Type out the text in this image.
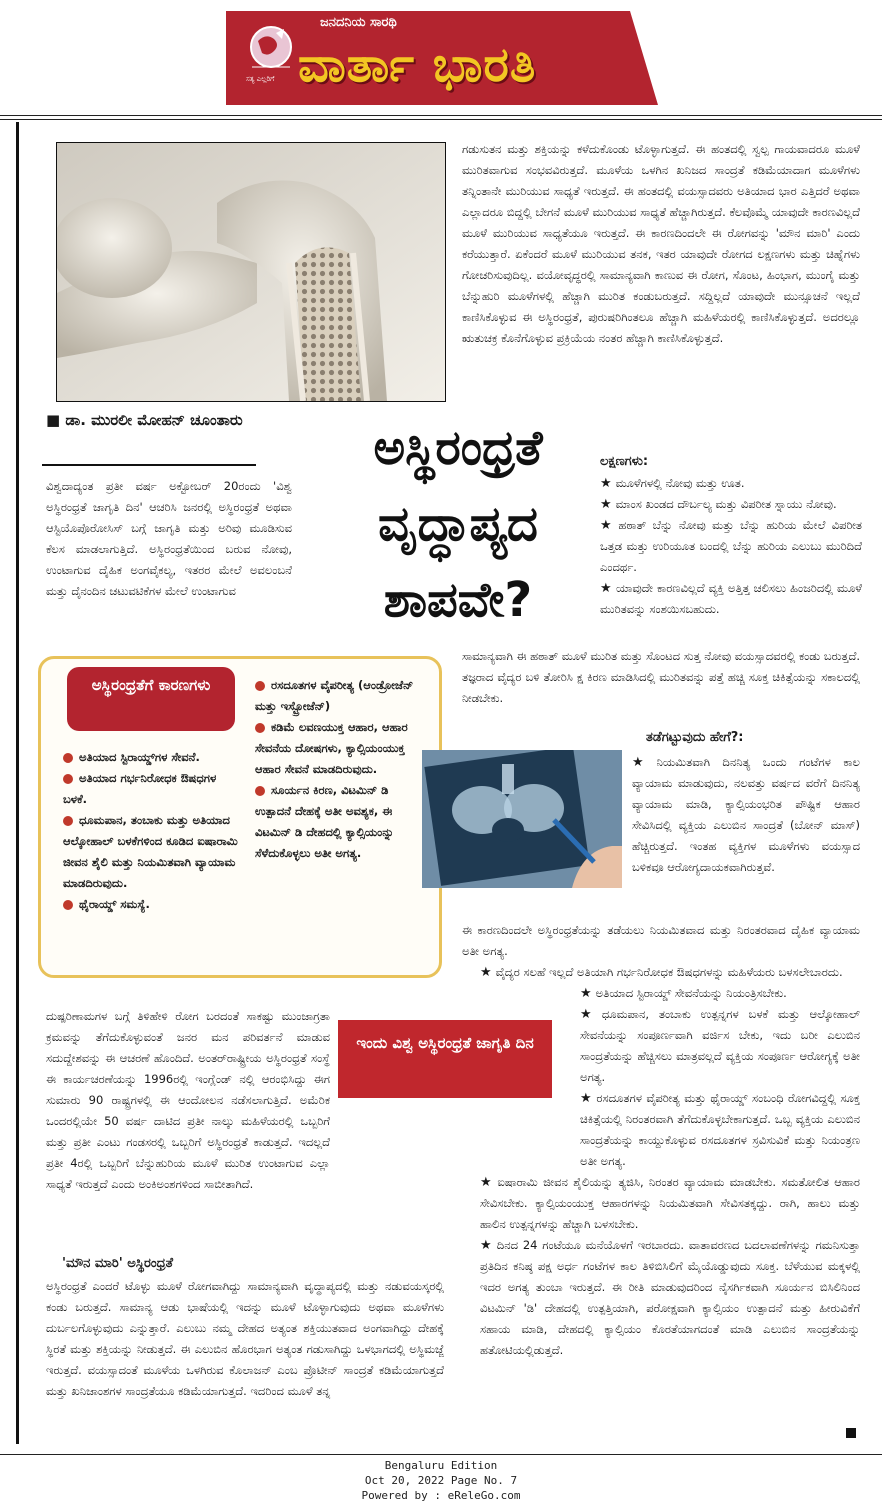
ಜನದನಿಯ ಸಾರಥಿ
ವಾರ್ತಾ ಭಾರತಿ
ಸತ್ಯ ಎಲ್ಲರಿಗೆ
■ ಡಾ. ಮುರಲೀ ಮೋಹನ್ ಚೂಂತಾರು	ಅಸ್ಥಿರಂಧ್ರತೆ
ವೃದ್ಧಾಪ್ಯದ
ಶಾಪವೇ?

ವಿಶ್ವದಾದ್ಯಂತ ಪ್ರತೀ ವರ್ಷ ಅಕ್ಟೋಬರ್ 20ರಂದು 'ವಿಶ್ವ ಅಸ್ಥಿರಂಧ್ರತೆ ಜಾಗೃತಿ ದಿನ' ಆಚರಿಸಿ ಜನರಲ್ಲಿ ಅಸ್ಥಿರಂಧ್ರತೆ ಅಥವಾ ಆಸ್ಟಿಯೊಪೊರೋಸಿಸ್ ಬಗ್ಗೆ ಜಾಗೃತಿ ಮತ್ತು ಅರಿವು ಮೂಡಿಸುವ ಕೆಲಸ ಮಾಡಲಾಗುತ್ತಿದೆ. ಅಸ್ಥಿರಂಧ್ರತೆಯಿಂದ ಬರುವ ನೋವು, ಉಂಟಾಗುವ ದೈಹಿಕ ಅಂಗವೈಕಲ್ಯ, ಇತರರ ಮೇಲೆ ಅವಲಂಬನೆ ಮತ್ತು ದೈನಂದಿನ ಚಟುವಟಿಕೆಗಳ ಮೇಲೆ ಉಂಟಾಗುವ

ಅಸ್ಥಿರಂಧ್ರತೆಗೆ ಕಾರಣಗಳು

ಅತಿಯಾದ ಸ್ಟಿರಾಯ್ಡ್‌ಗಳ ಸೇವನೆ.

ಅತಿಯಾದ ಗರ್ಭನಿರೋಧಕ ಔಷಧಗಳ ಬಳಕೆ.

ಧೂಮಪಾನ, ತಂಬಾಕು ಮತ್ತು ಅತಿಯಾದ ಆಲ್ಕೋಹಾಲ್ ಬಳಕೆಗಳಿಂದ ಕೂಡಿದ ಐಷಾರಾಮಿ ಜೀವನ ಶೈಲಿ ಮತ್ತು ನಿಯಮಿತವಾಗಿ ವ್ಯಾಯಾಮ ಮಾಡದಿರುವುದು.

ಥೈರಾಯ್ಡ್ ಸಮಸ್ಯೆ.

ರಸದೂತಗಳ ವೈಪರೀತ್ಯ (ಆಂಡ್ರೋಜೆನ್ ಮತ್ತು ಇಸ್ಟ್ರೋಜೆನ್)

ಕಡಿಮೆ ಲವಣಯುಕ್ತ ಆಹಾರ, ಆಹಾರ ಸೇವನೆಯ ದೋಷಗಳು, ಕ್ಯಾಲ್ಸಿಯಂಯುಕ್ತ ಆಹಾರ ಸೇವನೆ ಮಾಡದಿರುವುದು.

ಸೂರ್ಯನ ಕಿರಣ, ವಿಟಮಿನ್ ಡಿ ಉತ್ಪಾದನೆ ದೇಹಕ್ಕೆ ಅತೀ ಅವಶ್ಯಕ, ಈ ವಿಟಮಿನ್ ಡಿ ದೇಹದಲ್ಲಿ ಕ್ಯಾಲ್ಸಿಯಂನ್ನು ಸೆಳೆದುಕೊಳ್ಳಲು ಅತೀ ಅಗತ್ಯ.

ದುಷ್ಪರಿಣಾಮಗಳ ಬಗ್ಗೆ ತಿಳಿಹೇಳಿ ರೋಗ ಬರದಂತೆ ಸಾಕಷ್ಟು ಮುಂಜಾಗ್ರತಾ ಕ್ರಮವನ್ನು ತೆಗೆದುಕೊಳ್ಳುವಂತೆ ಜನರ ಮನ ಪರಿವರ್ತನೆ ಮಾಡುವ ಸದುದ್ದೇಶವನ್ನು ಈ ಆಚರಣೆ ಹೊಂದಿದೆ. ಅಂತರ್‌ರಾಷ್ಟ್ರೀಯ ಅಸ್ಥಿರಂಧ್ರತೆ ಸಂಸ್ಥೆ ಈ ಕಾರ್ಯಚರಣೆಯನ್ನು 1996ರಲ್ಲಿ ಇಂಗ್ಲೆಂಡ್ ನಲ್ಲಿ ಆರಂಭಿಸಿದ್ದು ಈಗ ಸುಮಾರು 90 ರಾಷ್ಟ್ರಗಳಲ್ಲಿ ಈ ಆಂದೋಲನ ನಡೆಸಲಾಗುತ್ತಿದೆ. ಅಮೆರಿಕ ಒಂದರಲ್ಲಿಯೇ 50 ವರ್ಷ ದಾಟಿದ ಪ್ರತೀ ನಾಲ್ಕು ಮಹಿಳೆಯರಲ್ಲಿ ಒಬ್ಬರಿಗೆ ಮತ್ತು ಪ್ರತೀ ಎಂಟು ಗಂಡಸರಲ್ಲಿ ಒಬ್ಬರಿಗೆ ಅಸ್ಥಿರಂಧ್ರತೆ ಕಾಡುತ್ತದೆ. ಇದಲ್ಲದೆ ಪ್ರತೀ 4ರಲ್ಲಿ ಒಬ್ಬರಿಗೆ ಬೆನ್ನುಹುರಿಯ ಮೂಳೆ ಮುರಿತ ಉಂಟಾಗುವ ಎಲ್ಲಾ ಸಾಧ್ಯತೆ ಇರುತ್ತದೆ ಎಂದು ಅಂಕಿಅಂಶಗಳಿಂದ ಸಾಬೀತಾಗಿದೆ.

'ಮೌನ ಮಾರಿ' ಅಸ್ಥಿರಂಧ್ರತೆ

ಅಸ್ಥಿರಂಧ್ರತೆ ಎಂದರೆ ಟೊಳ್ಳು ಮೂಳೆ ರೋಗವಾಗಿದ್ದು ಸಾಮಾನ್ಯವಾಗಿ ವೃದ್ಧಾಪ್ಯದಲ್ಲಿ ಮತ್ತು ನಡುವಯಸ್ಕರಲ್ಲಿ ಕಂಡು ಬರುತ್ತದೆ. ಸಾಮಾನ್ಯ ಆಡು ಭಾಷೆಯಲ್ಲಿ ಇದನ್ನು ಮೂಳೆ ಟೊಳ್ಳಾಗುವುದು ಅಥವಾ ಮೂಳೆಗಳು ದುರ್ಬಲಗೊಳ್ಳುವುದು ಎನ್ನುತ್ತಾರೆ. ಎಲುಬು ನಮ್ಮ ದೇಹದ ಅತ್ಯಂತ ಶಕ್ತಿಯುತವಾದ ಅಂಗವಾಗಿದ್ದು ದೇಹಕ್ಕೆ ಸ್ಥಿರತೆ ಮತ್ತು ಶಕ್ತಿಯನ್ನು ನೀಡುತ್ತದೆ. ಈ ಎಲುಬಿನ ಹೊರಭಾಗ ಅತ್ಯಂತ ಗಡುಸಾಗಿದ್ದು ಒಳಭಾಗದಲ್ಲಿ ಅಸ್ಥಿಮಜ್ಜೆ ಇರುತ್ತದೆ. ವಯಸ್ಸಾದಂತೆ ಮೂಳೆಯ ಒಳಗಿರುವ ಕೊಲಾಜನ್ ಎಂಬ ಪ್ರೊಟೀನ್ ಸಾಂದ್ರತೆ ಕಡಿಮೆಯಾಗುತ್ತದೆ ಮತ್ತು ಖನಿಜಾಂಶಗಳ ಸಾಂದ್ರತೆಯೂ ಕಡಿಮೆಯಾಗುತ್ತದೆ. ಇದರಿಂದ ಮೂಳೆ ತನ್ನ

ಇಂದು ವಿಶ್ವ ಅಸ್ಥಿರಂಧ್ರತೆ ಜಾಗೃತಿ ದಿನ

ಗಡುಸುತನ ಮತ್ತು ಶಕ್ತಿಯನ್ನು ಕಳೆದುಕೊಂಡು ಟೊಳ್ಳಾಗುತ್ತದೆ. ಈ ಹಂತದಲ್ಲಿ ಸ್ವಲ್ಪ ಗಾಯವಾದರೂ ಮೂಳೆ ಮುರಿತವಾಗುವ ಸಂಭವವಿರುತ್ತದೆ. ಮೂಳೆಯ ಒಳಗಿನ ಖನಿಜದ ಸಾಂದ್ರತೆ ಕಡಿಮೆಯಾದಾಗ ಮೂಳೆಗಳು ತನ್ನಿಂತಾನೇ ಮುರಿಯುವ ಸಾಧ್ಯತೆ ಇರುತ್ತದೆ. ಈ ಹಂತದಲ್ಲಿ ವಯಸ್ಸಾದವರು ಅತಿಯಾದ ಭಾರ ಎತ್ತಿದರೆ ಅಥವಾ ಎಲ್ಲಾದರೂ ಬಿದ್ದಲ್ಲಿ ಬೇಗನೆ ಮೂಳೆ ಮುರಿಯುವ ಸಾಧ್ಯತೆ ಹೆಚ್ಚಾಗಿರುತ್ತದೆ. ಕೆಲವೊಮ್ಮೆ ಯಾವುದೇ ಕಾರಣವಿಲ್ಲದೆ ಮೂಳೆ ಮುರಿಯುವ ಸಾಧ್ಯತೆಯೂ ಇರುತ್ತದೆ. ಈ ಕಾರಣದಿಂದಲೇ ಈ ರೋಗವನ್ನು 'ಮೌನ ಮಾರಿ' ಎಂದು ಕರೆಯುತ್ತಾರೆ. ಏಕೆಂದರೆ ಮೂಳೆ ಮುರಿಯುವ ತನಕ, ಇತರ ಯಾವುದೇ ರೋಗದ ಲಕ್ಷಣಗಳು ಮತ್ತು ಚಿಹ್ನೆಗಳು ಗೋಚರಿಸುವುದಿಲ್ಲ. ವಯೋವೃದ್ಧರಲ್ಲಿ ಸಾಮಾನ್ಯವಾಗಿ ಕಾಣುವ ಈ ರೋಗ, ಸೊಂಟ, ಹಿಂಭಾಗ, ಮುಂಗೈ ಮತ್ತು ಬೆನ್ನುಹುರಿ ಮೂಳೆಗಳಲ್ಲಿ ಹೆಚ್ಚಾಗಿ ಮುರಿತ ಕಂಡುಬರುತ್ತದೆ. ಸದ್ದಿಲ್ಲದೆ ಯಾವುದೇ ಮುನ್ಸೂಚನೆ ಇಲ್ಲದೆ ಕಾಣಿಸಿಕೊಳ್ಳುವ ಈ ಅಸ್ಥಿರಂಧ್ರತೆ, ಪುರುಷರಿಗಿಂತಲೂ ಹೆಚ್ಚಾಗಿ ಮಹಿಳೆಯರಲ್ಲಿ ಕಾಣಿಸಿಕೊಳ್ಳುತ್ತದೆ. ಅದರಲ್ಲೂ ಋತುಚಕ್ರ ಕೊನೆಗೊಳ್ಳುವ ಪ್ರಕ್ರಿಯೆಯ ನಂತರ ಹೆಚ್ಚಾಗಿ ಕಾಣಿಸಿಕೊಳ್ಳುತ್ತದೆ.

ಲಕ್ಷಣಗಳು:

★ ಮೂಳೆಗಳಲ್ಲಿ ನೋವು ಮತ್ತು ಊತ.

★ ಮಾಂಸ ಖಂಡದ ದೌರ್ಬಲ್ಯ ಮತ್ತು ವಿಪರೀತ ಸ್ನಾಯು ನೋವು.

★ ಹಠಾತ್ ಬೆನ್ನು ನೋವು ಮತ್ತು ಬೆನ್ನು ಹುರಿಯ ಮೇಲೆ ವಿಪರೀತ ಒತ್ತಡ ಮತ್ತು ಉರಿಯೂತ ಬಂದಲ್ಲಿ ಬೆನ್ನು ಹುರಿಯ ಎಲುಬು ಮುರಿದಿದೆ ಎಂದರ್ಥ.

★ ಯಾವುದೇ ಕಾರಣವಿಲ್ಲದೆ ವ್ಯಕ್ತಿ ಅತ್ತಿತ್ತ ಚಲಿಸಲು ಹಿಂಜರಿದಲ್ಲಿ ಮೂಳೆ ಮುರಿತವನ್ನು ಸಂಶಯಿಸಬಹುದು.

ಸಾಮಾನ್ಯವಾಗಿ ಈ ಹಠಾತ್ ಮೂಳೆ ಮುರಿತ ಮತ್ತು ಸೊಂಟದ ಸುತ್ತ ನೋವು ವಯಸ್ಸಾದವರಲ್ಲಿ ಕಂಡು ಬರುತ್ತದೆ. ತಜ್ಞರಾದ ವೈದ್ಯರ ಬಳಿ ತೋರಿಸಿ ಕ್ಷ ಕಿರಣ ಮಾಡಿಸಿದಲ್ಲಿ ಮುರಿತವನ್ನು ಪತ್ತೆ ಹಚ್ಚಿ ಸೂಕ್ತ ಚಿಕಿತ್ಸೆಯನ್ನು ಸಕಾಲದಲ್ಲಿ ನೀಡಬೇಕು.

ತಡೆಗಟ್ಟುವುದು ಹೇಗೆ?:

★ ನಿಯಮಿತವಾಗಿ ದಿನನಿತ್ಯ ಒಂದು ಗಂಟೆಗಳ ಕಾಲ ವ್ಯಾಯಾಮ ಮಾಡುವುದು, ನಲವತ್ತು ವರ್ಷದ ವರೆಗೆ ದಿನನಿತ್ಯ ವ್ಯಾಯಾಮ ಮಾಡಿ, ಕ್ಯಾಲ್ಸಿಯಂಭರಿತ ಪೌಷ್ಟಿಕ ಆಹಾರ ಸೇವಿಸಿದಲ್ಲಿ ವ್ಯಕ್ತಿಯ ಎಲುಬಿನ ಸಾಂದ್ರತೆ (ಬೋನ್ ಮಾಸ್) ಹೆಚ್ಚಿರುತ್ತದೆ. ಇಂತಹ ವ್ಯಕ್ತಿಗಳ ಮೂಳೆಗಳು ವಯಸ್ಸಾದ ಬಳಿಕವೂ ಆರೋಗ್ಯದಾಯಕವಾಗಿರುತ್ತವೆ.

ಈ ಕಾರಣದಿಂದಲೇ ಅಸ್ಥಿರಂಧ್ರತೆಯನ್ನು ತಡೆಯಲು ನಿಯಮಿತವಾದ ಮತ್ತು ನಿರಂತರವಾದ ದೈಹಿಕ ವ್ಯಾಯಾಮ ಅತೀ ಅಗತ್ಯ.

★ ವೈದ್ಯರ ಸಲಹೆ ಇಲ್ಲದೆ ಅತಿಯಾಗಿ ಗರ್ಭನಿರೋಧಕ ಔಷಧಗಳನ್ನು ಮಹಿಳೆಯರು ಬಳಸಲೇಬಾರದು.

★ ಅತಿಯಾದ ಸ್ಟಿರಾಯ್ಡ್ ಸೇವನೆಯನ್ನು ನಿಯಂತ್ರಿಸಬೇಕು.

★ ಧೂಮಪಾನ, ತಂಬಾಕು ಉತ್ಪನ್ನಗಳ ಬಳಕೆ ಮತ್ತು ಆಲ್ಕೋಹಾಲ್ ಸೇವನೆಯನ್ನು ಸಂಪೂರ್ಣವಾಗಿ ವರ್ಜಿಸ ಬೇಕು, ಇದು ಬರೀ ಎಲುಬಿನ ಸಾಂದ್ರತೆಯನ್ನು ಹೆಚ್ಚಿಸಲು ಮಾತ್ರವಲ್ಲದೆ ವ್ಯಕ್ತಿಯ ಸಂಪೂರ್ಣ ಆರೋಗ್ಯಕ್ಕೆ ಅತೀ ಅಗತ್ಯ.

★ ರಸದೂತಗಳ ವೈಪರೀತ್ಯ ಮತ್ತು ಥೈರಾಯ್ಡ್ ಸಂಬಂಧಿ ರೋಗವಿದ್ದಲ್ಲಿ ಸೂಕ್ತ ಚಿಕಿತ್ಸೆಯಲ್ಲಿ ನಿರಂತರವಾಗಿ ತೆಗೆದುಕೊಳ್ಳಬೇಕಾಗುತ್ತದೆ. ಒಬ್ಬ ವ್ಯಕ್ತಿಯ ಎಲುಬಿನ ಸಾಂದ್ರತೆಯನ್ನು ಕಾಯ್ದುಕೊಳ್ಳುವ ರಸದೂತಗಳ ಸ್ರವಿಸುವಿಕೆ ಮತ್ತು ನಿಯಂತ್ರಣ ಅತೀ ಅಗತ್ಯ.

★ ಐಷಾರಾಮಿ ಜೀವನ ಶೈಲಿಯನ್ನು ತ್ಯಜಿಸಿ, ನಿರಂತರ ವ್ಯಾಯಾಮ ಮಾಡಬೇಕು. ಸಮತೋಲಿತ ಆಹಾರ ಸೇವಿಸಬೇಕು. ಕ್ಯಾಲ್ಸಿಯಂಯುಕ್ತ ಆಹಾರಗಳನ್ನು ನಿಯಮಿತವಾಗಿ ಸೇವಿಸತಕ್ಕದ್ದು. ರಾಗಿ, ಹಾಲು ಮತ್ತು ಹಾಲಿನ ಉತ್ಪನ್ನಗಳನ್ನು ಹೆಚ್ಚಾಗಿ ಬಳಸಬೇಕು.

★ ದಿನದ 24 ಗಂಟೆಯೂ ಮನೆಯೊಳಗೆ ಇರಬಾರದು. ವಾತಾವರಣದ ಬದಲಾವಣೆಗಳನ್ನು ಗಮನಿಸುತ್ತಾ ಪ್ರತಿದಿನ ಕನಿಷ್ಠ ಪಕ್ಷ ಅರ್ಧ ಗಂಟೆಗಳ ಕಾಲ ತಿಳಿಬಿಸಿಲಿಗೆ ಮೈಯೊಡ್ಡುವುದು ಸೂಕ್ತ. ಬೆಳೆಯುವ ಮಕ್ಕಳಲ್ಲಿ ಇದರ ಅಗತ್ಯ ತುಂಬಾ ಇರುತ್ತದೆ. ಈ ರೀತಿ ಮಾಡುವುದರಿಂದ ನೈಸರ್ಗಿಕವಾಗಿ ಸೂರ್ಯನ ಬಿಸಿಲಿನಿಂದ ವಿಟಮಿನ್ 'ಡಿ' ದೇಹದಲ್ಲಿ ಉತ್ಪತ್ತಿಯಾಗಿ, ಪರೋಕ್ಷವಾಗಿ ಕ್ಯಾಲ್ಸಿಯಂ ಉತ್ಪಾದನೆ ಮತ್ತು ಹೀರುವಿಕೆಗೆ ಸಹಾಯ ಮಾಡಿ, ದೇಹದಲ್ಲಿ ಕ್ಯಾಲ್ಸಿಯಂ ಕೊರತೆಯಾಗದಂತೆ ಮಾಡಿ ಎಲುಬಿನ ಸಾಂದ್ರತೆಯನ್ನು ಹತೋಟಿಯಲ್ಲಿಡುತ್ತದೆ.

Bengaluru Edition
Oct 20, 2022 Page No. 7
Powered by : eReleGo.com
